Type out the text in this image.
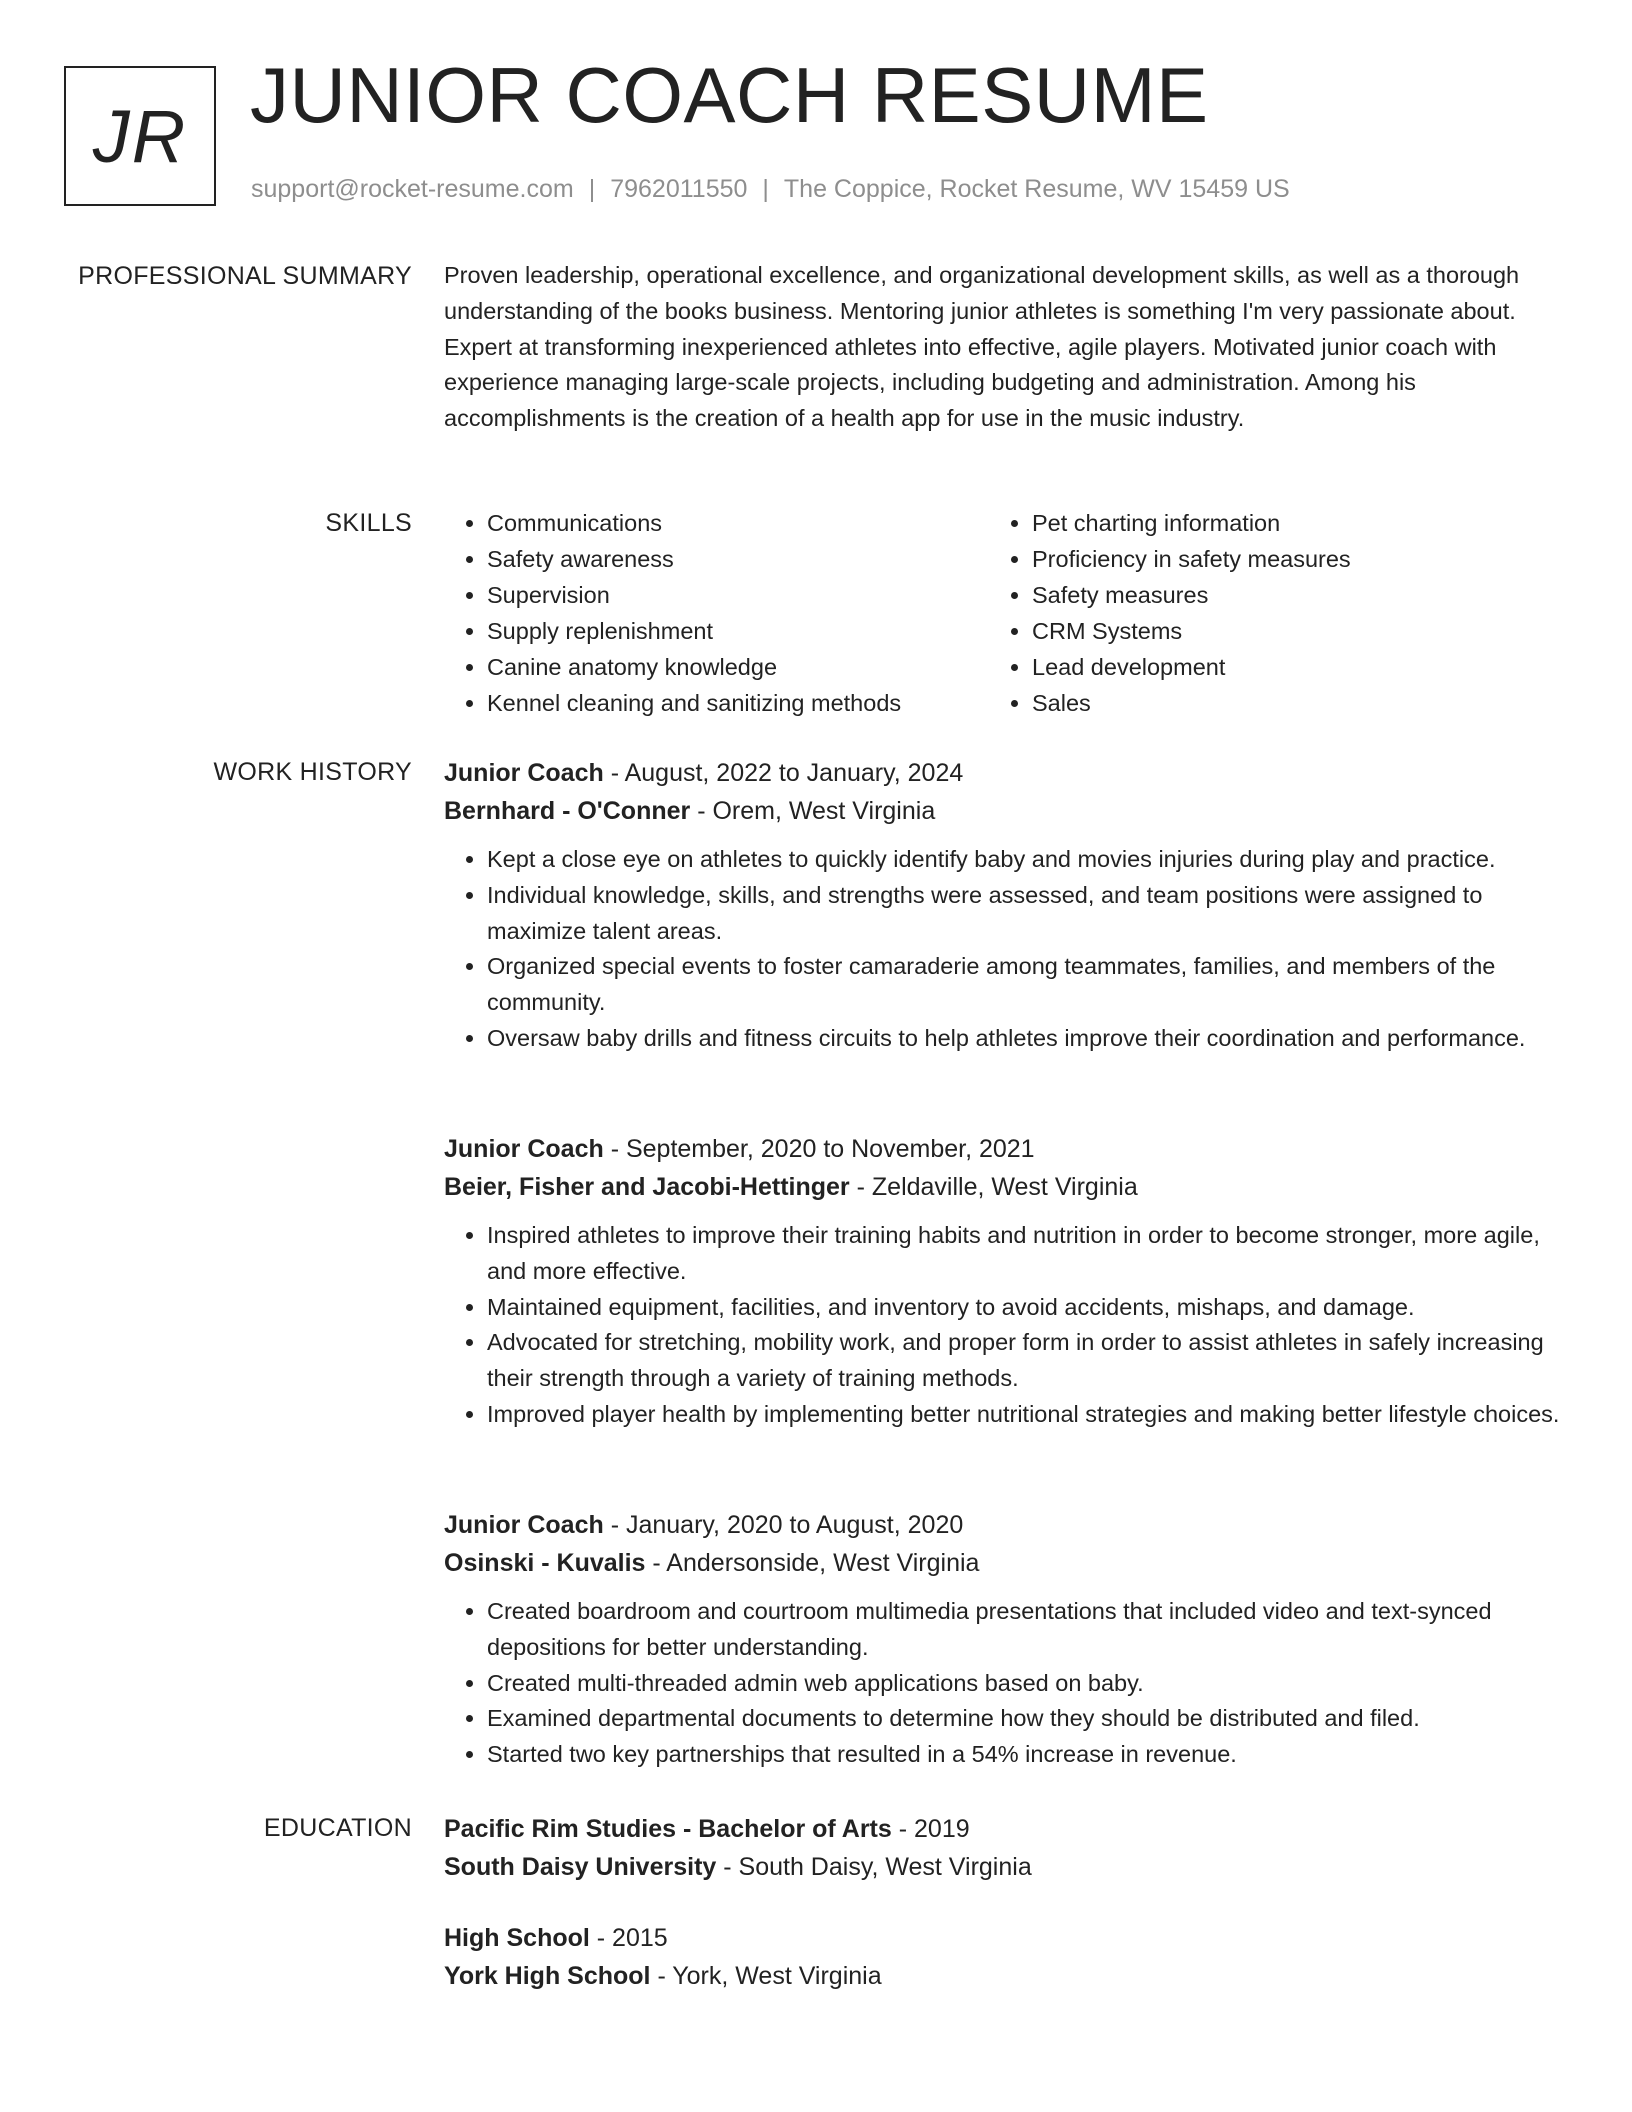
JR JUNIOR COACH RESUME
support@rocket-resume.com | 7962011550 | The Coppice, Rocket Resume, WV 15459 US
PROFESSIONAL SUMMARY Proven leadership, operational excellence, and organizational development skills, as well as a thorough understanding of the books business. Mentoring junior athletes is something I'm very passionate about. Expert at transforming inexperienced athletes into effective, agile players. Motivated junior coach with experience managing large-scale projects, including budgeting and administration. Among his accomplishments is the creation of a health app for use in the music industry.

SKILLS
•	Communications
• Safety awareness
• Supervision
• Supply replenishment
• Canine anatomy knowledge
• Kennel cleaning and sanitizing methods
• Pet charting information
• Proficiency in safety measures
• Safety measures
• CRM Systems
• Lead development
• Sales
WORK HISTORY Junior Coach - August, 2022 to January, 2024
Bernhard - O'Conner - Orem, West Virginia
• Kept a close eye on athletes to quickly identify baby and movies injuries during play and practice.
• Individual knowledge, skills, and strengths were assessed, and team positions were assigned to maximize talent areas.
• Organized special events to foster camaraderie among teammates, families, and members of the community.
• Oversaw baby drills and fitness circuits to help athletes improve their coordination and performance.
Junior Coach - September, 2020 to November, 2021
Beier, Fisher and Jacobi-Hettinger - Zeldaville, West Virginia
• Inspired athletes to improve their training habits and nutrition in order to become stronger, more agile, and more effective.
• Maintained equipment, facilities, and inventory to avoid accidents, mishaps, and damage.
• Advocated for stretching, mobility work, and proper form in order to assist athletes in safely increasing their strength through a variety of training methods.
• Improved player health by implementing better nutritional strategies and making better lifestyle choices.
Junior Coach - January, 2020 to August, 2020
Osinski - Kuvalis - Andersonside, West Virginia
• Created boardroom and courtroom multimedia presentations that included video and text-synced depositions for better understanding.
• Created multi-threaded admin web applications based on baby.
• Examined departmental documents to determine how they should be distributed and filed.
• Started two key partnerships that resulted in a 54% increase in revenue.
EDUCATION Pacific Rim Studies - Bachelor of Arts - 2019
South Daisy University - South Daisy, West Virginia
High School - 2015
York High School - York, West Virginia
